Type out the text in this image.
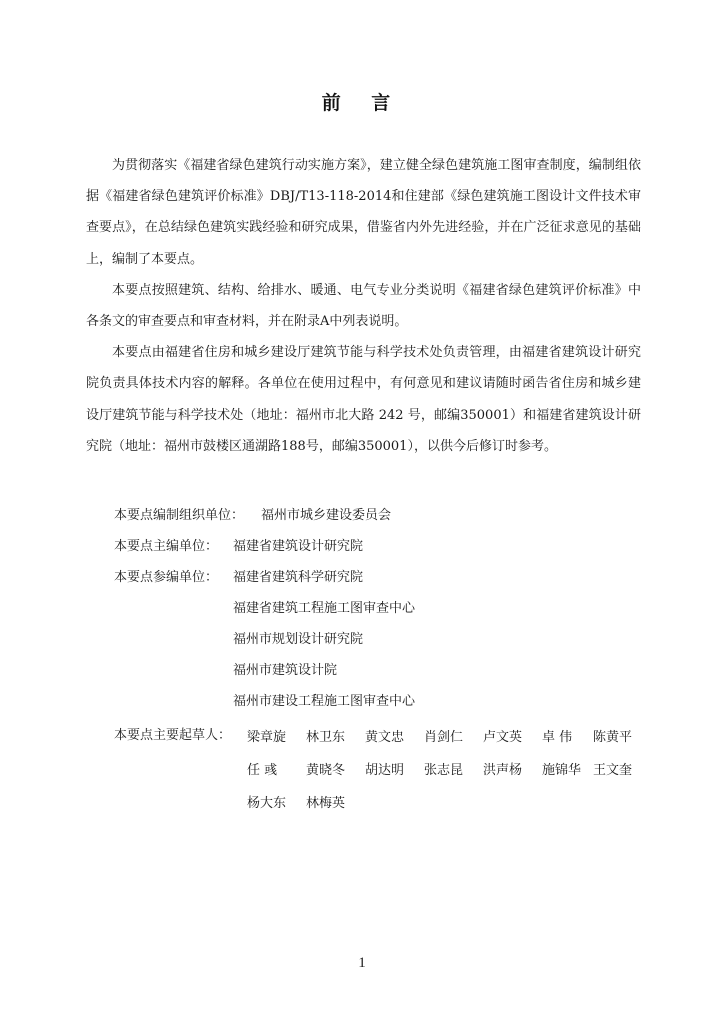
前 言

为贯彻落实《福建省绿色建筑行动实施方案》，建立健全绿色建筑施工图审查制度，编制组依据《福建省绿色建筑评价标准》DBJ/T13-118-2014和住建部《绿色建筑施工图设计文件技术审查要点》，在总结绿色建筑实践经验和研究成果，借鉴省内外先进经验，并在广泛征求意见的基础上，编制了本要点。

本要点按照建筑、结构、给排水、暖通、电气专业分类说明《福建省绿色建筑评价标准》中各条文的审查要点和审查材料，并在附录A中列表说明。

本要点由福建省住房和城乡建设厅建筑节能与科学技术处负责管理，由福建省建筑设计研究院负责具体技术内容的解释。各单位在使用过程中，有何意见和建议请随时函告省住房和城乡建设厅建筑节能与科学技术处（地址：福州市北大路 242 号，邮编350001）和福建省建筑设计研究院（地址：福州市鼓楼区通湖路188号，邮编350001），以供今后修订时参考。

本要点编制组织单位： 福州市城乡建设委员会
本要点主编单位： 福建省建筑设计研究院
本要点参编单位： 福建省建筑科学研究院
福建省建筑工程施工图审查中心
福州市规划设计研究院
福州市建筑设计院
福州市建设工程施工图审查中心
本要点主要起草人： 梁章旋 林卫东 黄文忠 肖剑仁 卢文英 卓 伟 陈黄平
任 彧 黄晓冬 胡达明 张志昆 洪声杨 施锦华 王文奎
杨大东 林梅英
1
